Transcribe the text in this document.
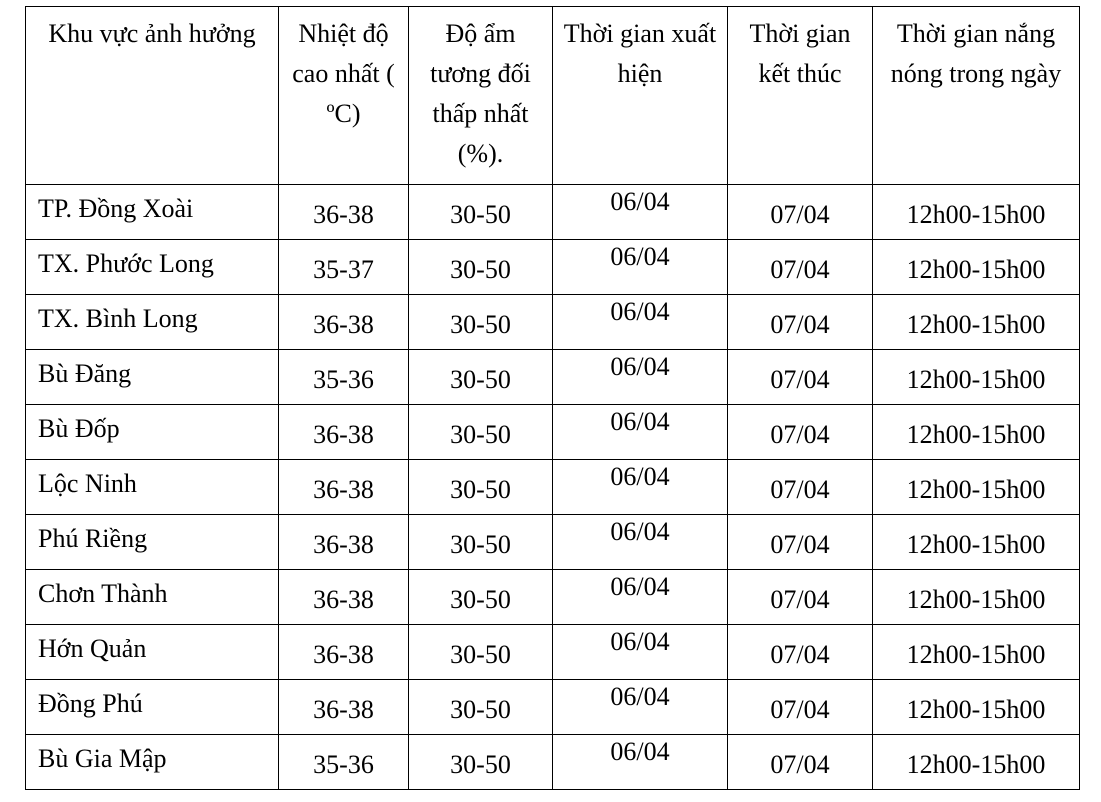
Khu vực ảnh hưởng	Nhiệt độ cao nhất ( ºC)	Độ ẩm tương đối thấp nhất (%).	Thời gian xuất hiện	Thời gian kết thúc	Thời gian nắng nóng trong ngày
TP. Đồng Xoài	36-38	30-50	06/04	07/04	12h00-15h00
TX. Phước Long	35-37	30-50	06/04	07/04	12h00-15h00
TX. Bình Long	36-38	30-50	06/04	07/04	12h00-15h00
Bù Đăng	35-36	30-50	06/04	07/04	12h00-15h00
Bù Đốp	36-38	30-50	06/04	07/04	12h00-15h00
Lộc Ninh	36-38	30-50	06/04	07/04	12h00-15h00
Phú Riềng	36-38	30-50	06/04	07/04	12h00-15h00
Chơn Thành	36-38	30-50	06/04	07/04	12h00-15h00
Hớn Quản	36-38	30-50	06/04	07/04	12h00-15h00
Đồng Phú	36-38	30-50	06/04	07/04	12h00-15h00
Bù Gia Mập	35-36	30-50	06/04	07/04	12h00-15h00
